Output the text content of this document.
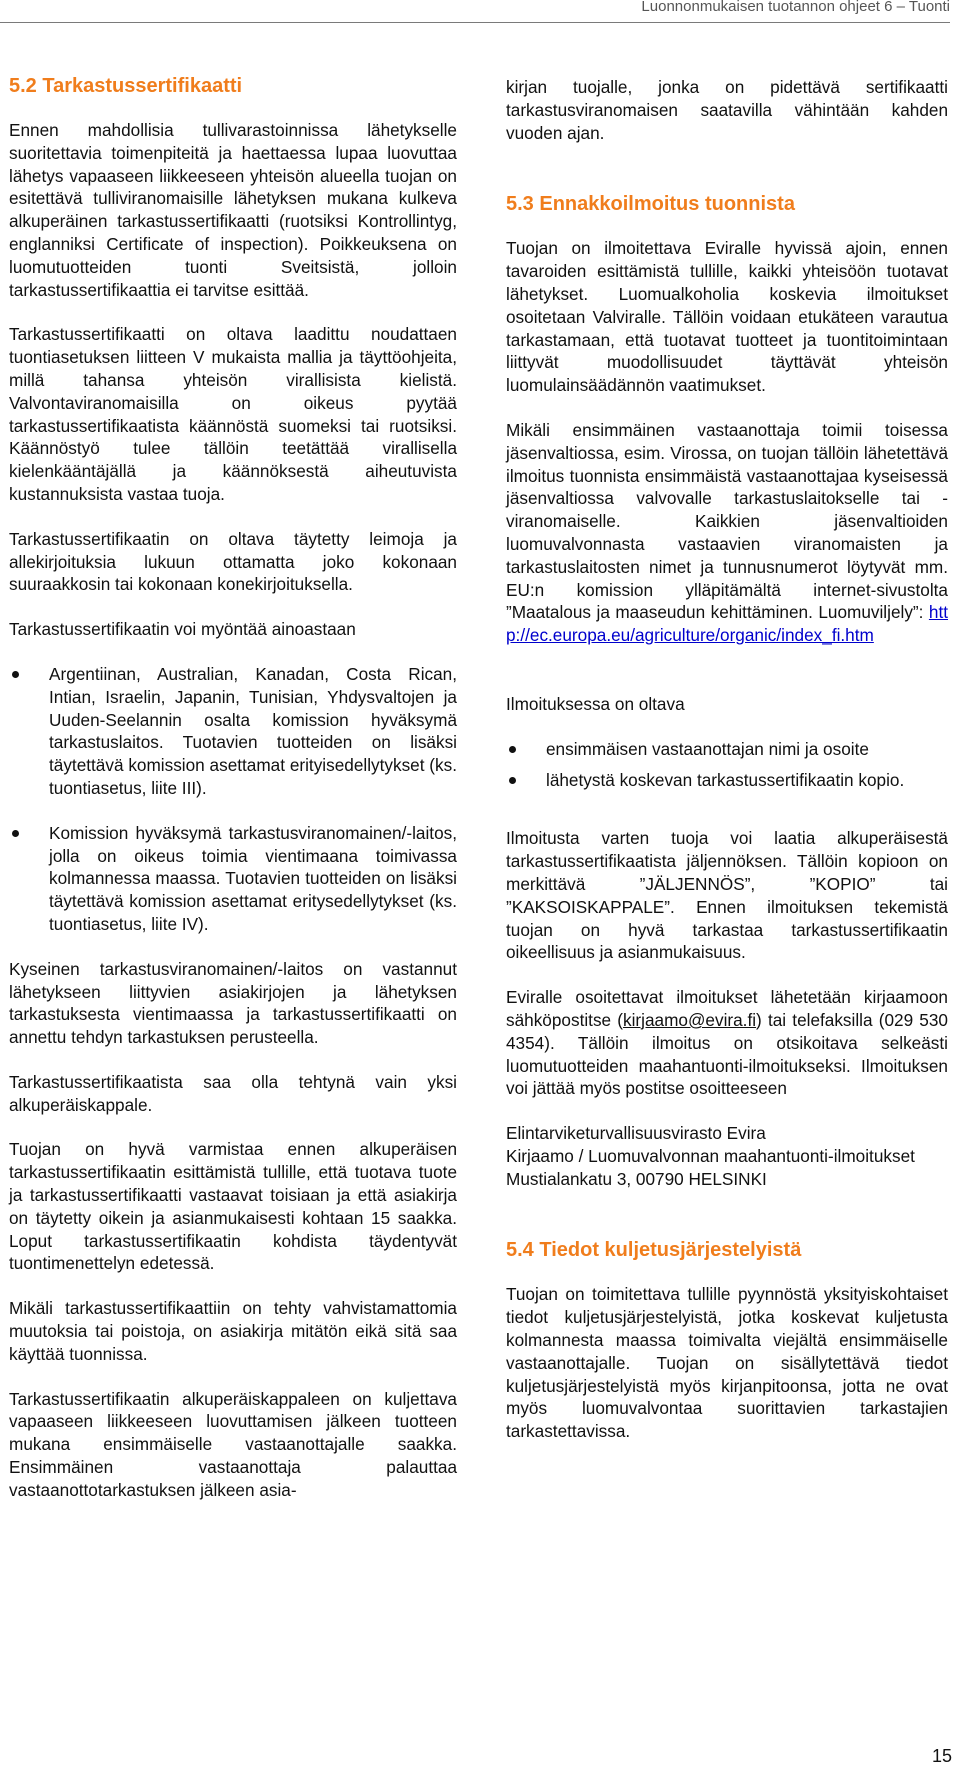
Luonnonmukaisen tuotannon ohjeet 6 – Tuonti
5.2 Tarkastussertifikaatti

Ennen mahdollisia tullivarastoinnissa lähetykselle suoritettavia toimenpiteitä ja haettaessa lupaa luovuttaa lähetys vapaaseen liikkeeseen yhteisön alueella tuojan on esitettävä tulliviranomaisille lähetyksen mukana kulkeva alkuperäinen tarkastussertifikaatti (ruotsiksi Kontrollintyg, englanniksi Certificate of inspection). Poikkeuksena on luomutuotteiden tuonti Sveitsistä, jolloin tarkastussertifikaattia ei tarvitse esittää.

Tarkastussertifikaatti on oltava laadittu noudattaen tuontiasetuksen liitteen V mukaista mallia ja täyttöohjeita, millä tahansa yhteisön virallisista kielistä. Valvontaviranomaisilla on oikeus pyytää tarkastussertifikaatista käännöstä suomeksi tai ruotsiksi. Käännöstyö tulee tällöin teetättää virallisella kielenkääntäjällä ja käännöksestä aiheutuvista kustannuksista vastaa tuoja.

Tarkastussertifikaatin on oltava täytetty leimoja ja allekirjoituksia lukuun ottamatta joko kokonaan suuraakkosin tai kokonaan konekirjoituksella.

Tarkastussertifikaatin voi myöntää ainoastaan

Argentiinan, Australian, Kanadan, Costa Rican, Intian, Israelin, Japanin, Tunisian, Yhdysvaltojen ja Uuden-Seelannin osalta komission hyväksymä tarkastuslaitos. Tuotavien tuotteiden on lisäksi täytettävä komission asettamat erityisedellytykset (ks. tuontiasetus, liite III).
Komission hyväksymä tarkastusviranomainen/-laitos, jolla on oikeus toimia vientimaana toimivassa kolmannessa maassa. Tuotavien tuotteiden on lisäksi täytettävä komission asettamat eritysedellytykset (ks. tuontiasetus, liite IV).

Kyseinen tarkastusviranomainen/-laitos on vastannut lähetykseen liittyvien asiakirjojen ja lähetyksen tarkastuksesta vientimaassa ja tarkastussertifikaatti on annettu tehdyn tarkastuksen perusteella.

Tarkastussertifikaatista saa olla tehtynä vain yksi alkuperäiskappale.

Tuojan on hyvä varmistaa ennen alkuperäisen tarkastussertifikaatin esittämistä tullille, että tuotava tuote ja tarkastussertifikaatti vastaavat toisiaan ja että asiakirja on täytetty oikein ja asianmukaisesti kohtaan 15 saakka. Loput tarkastussertifikaatin kohdista täydentyvät tuontimenettelyn edetessä.

Mikäli tarkastussertifikaattiin on tehty vahvistamattomia muutoksia tai poistoja, on asiakirja mitätön eikä sitä saa käyttää tuonnissa.

Tarkastussertifikaatin alkuperäiskappaleen on kuljettava vapaaseen liikkeeseen luovuttamisen jälkeen tuotteen mukana ensimmäiselle vastaanottajalle saakka. Ensimmäinen vastaanottaja palauttaa vastaanottotarkastuksen jälkeen asia-

kirjan tuojalle, jonka on pidettävä sertifikaatti tarkastusviranomaisen saatavilla vähintään kahden vuoden ajan.

5.3 Ennakkoilmoitus tuonnista

Tuojan on ilmoitettava Eviralle hyvissä ajoin, ennen tavaroiden esittämistä tullille, kaikki yhteisöön tuotavat lähetykset. Luomualkoholia koskevia ilmoitukset osoitetaan Valviralle. Tällöin voidaan etukäteen varautua tarkastamaan, että tuotavat tuotteet ja tuontitoimintaan liittyvät muodollisuudet täyttävät yhteisön luomulainsäädännön vaatimukset.

Mikäli ensimmäinen vastaanottaja toimii toisessa jäsenvaltiossa, esim. Virossa, on tuojan tällöin lähetettävä ilmoitus tuonnista ensimmäistä vastaanottajaa kyseisessä jäsenvaltiossa valvovalle tarkastuslaitokselle tai -viranomaiselle. Kaikkien jäsenvaltioiden luomuvalvonnasta vastaavien viranomaisten ja tarkastuslaitosten nimet ja tunnusnumerot löytyvät mm. EU:n komission ylläpitämältä internet-sivustolta ”Maatalous ja maaseudun kehittäminen. Luomuviljely”: http://ec.europa.eu/agriculture/organic/index_fi.htm

Ilmoituksessa on oltava

ensimmäisen vastaanottajan nimi ja osoite
lähetystä koskevan tarkastussertifikaatin kopio.

Ilmoitusta varten tuoja voi laatia alkuperäisestä tarkastussertifikaatista jäljennöksen. Tällöin kopioon on merkittävä ”JÄLJENNÖS”, ”KOPIO” tai ”KAKSOISKAPPALE”. Ennen ilmoituksen tekemistä tuojan on hyvä tarkastaa tarkastussertifikaatin oikeellisuus ja asianmukaisuus.

Eviralle osoitettavat ilmoitukset lähetetään kirjaamoon sähköpostitse (kirjaamo@evira.fi) tai telefaksilla (029 530 4354). Tällöin ilmoitus on otsikoitava selkeästi luomutuotteiden maahantuonti-ilmoitukseksi. Ilmoituksen voi jättää myös postitse osoitteeseen

Elintarviketurvallisuusvirasto Evira
Kirjaamo / Luomuvalvonnan maahantuonti-ilmoitukset
Mustialankatu 3, 00790 HELSINKI
5.4 Tiedot kuljetusjärjestelyistä

Tuojan on toimitettava tullille pyynnöstä yksityiskohtaiset tiedot kuljetusjärjestelyistä, jotka koskevat kuljetusta kolmannesta maassa toimivalta viejältä ensimmäiselle vastaanottajalle. Tuojan on sisällytettävä tiedot kuljetusjärjestelyistä myös kirjanpitoonsa, jotta ne ovat myös luomuvalvontaa suorittavien tarkastajien tarkastettavissa.

15
